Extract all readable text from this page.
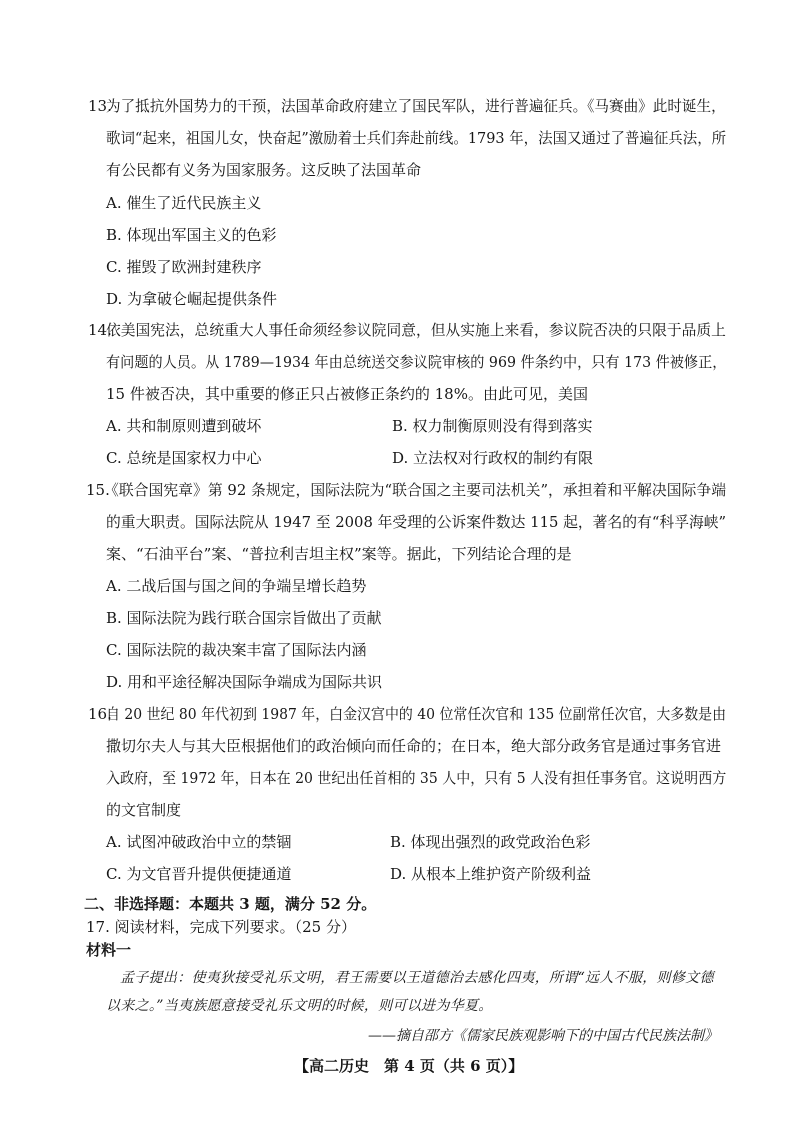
13.
为了抵抗外国势力的干预，法国革命政府建立了国民军队，进行普遍征兵。《马赛曲》此时诞生，
歌词“起来，祖国儿女，快奋起”激励着士兵们奔赴前线。1793 年，法国又通过了普遍征兵法，所
有公民都有义务为国家服务。这反映了法国革命
A. 催生了近代民族主义
B. 体现出军国主义的色彩
C. 摧毁了欧洲封建秩序
D. 为拿破仑崛起提供条件
14.
依美国宪法，总统重大人事任命须经参议院同意，但从实施上来看，参议院否决的只限于品质上
有问题的人员。从 1789—1934 年由总统送交参议院审核的 969 件条约中，只有 173 件被修正，
15 件被否决，其中重要的修正只占被修正条约的 18%。由此可见，美国
A. 共和制原则遭到破坏	B. 权力制衡原则没有得到落实
C. 总统是国家权力中心	D. 立法权对行政权的制约有限
15.
《联合国宪章》第 92 条规定，国际法院为“联合国之主要司法机关”，承担着和平解决国际争端
的重大职责。国际法院从 1947 至 2008 年受理的公诉案件数达 115 起，著名的有“科孚海峡”
案、“石油平台”案、“普拉利吉坦主权”案等。据此，下列结论合理的是
A. 二战后国与国之间的争端呈增长趋势
B. 国际法院为践行联合国宗旨做出了贡献
C. 国际法院的裁决案丰富了国际法内涵
D. 用和平途径解决国际争端成为国际共识
16.
自 20 世纪 80 年代初到 1987 年，白金汉宫中的 40 位常任次官和 135 位副常任次官，大多数是由
撒切尔夫人与其大臣根据他们的政治倾向而任命的；在日本，绝大部分政务官是通过事务官进
入政府，至 1972 年，日本在 20 世纪出任首相的 35 人中，只有 5 人没有担任事务官。这说明西方
的文官制度
A. 试图冲破政治中立的禁锢	B. 体现出强烈的政党政治色彩
C. 为文官晋升提供便捷通道	D. 从根本上维护资产阶级利益
二、非选择题：本题共 3 题，满分 52 分。
17. 阅读材料，完成下列要求。（25 分）
材料一
孟子提出：使夷狄接受礼乐文明，君王需要以王道德治去感化四夷，所谓“远人不服，则修文德
以来之。”当夷族愿意接受礼乐文明的时候，则可以进为华夏。
——摘自邵方《儒家民族观影响下的中国古代民族法制》
【高二历史　第 4 页（共 6 页）】
